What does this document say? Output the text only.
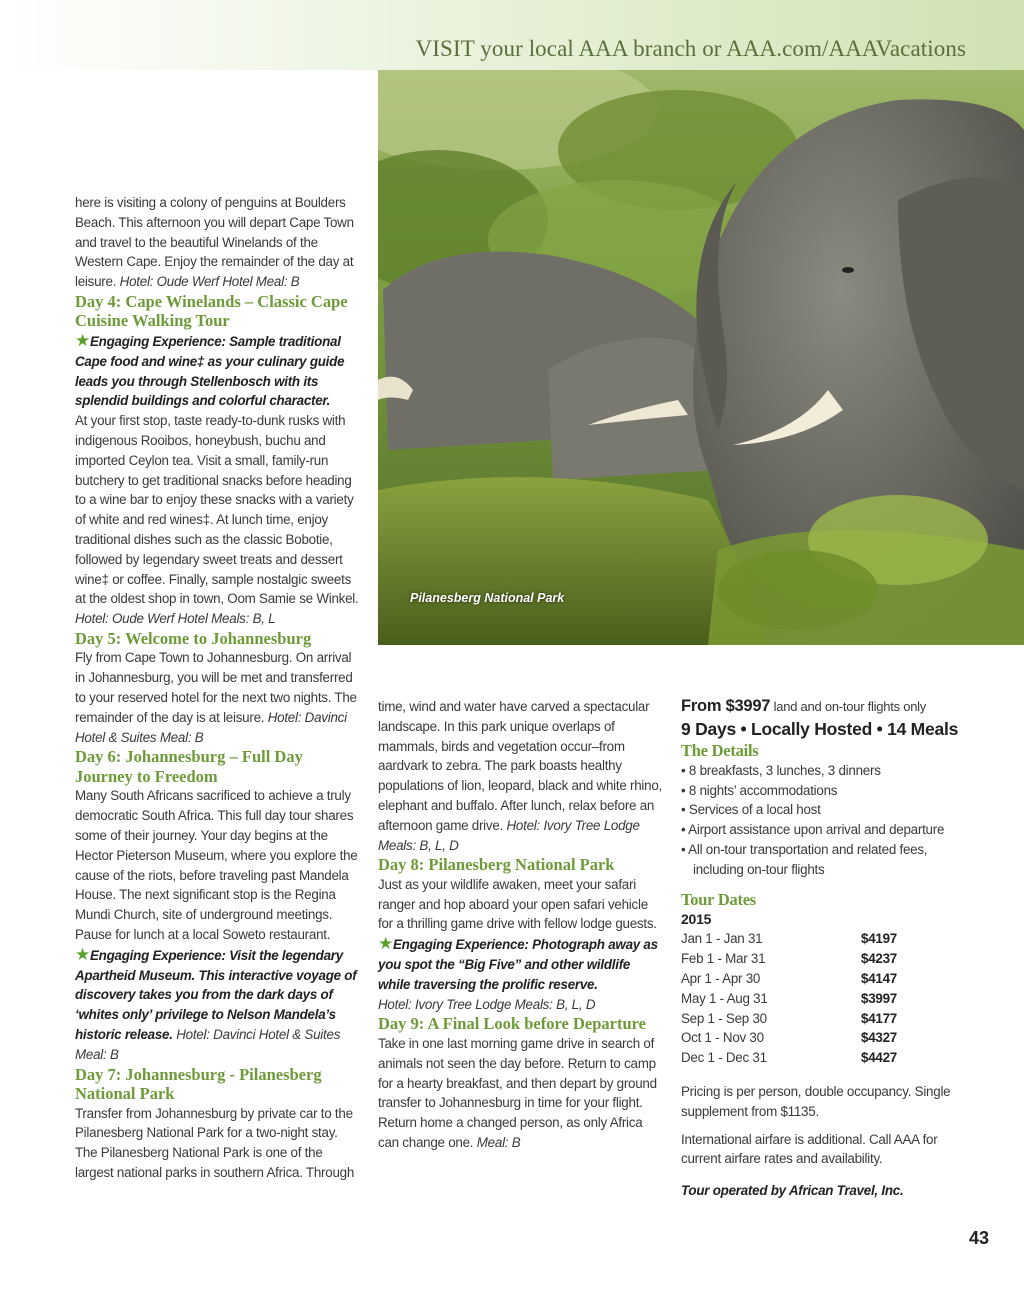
VISIT your local AAA branch or AAA.com/AAAVacations
Pilanesberg National Park

here is visiting a colony of penguins at Boulders Beach. This afternoon you will depart Cape Town and travel to the beautiful Winelands of the Western Cape. Enjoy the remainder of the day at leisure. Hotel: Oude Werf Hotel Meal: B

Day 4: Cape Winelands – Classic Cape Cuisine Walking Tour

★Engaging Experience: Sample traditional Cape food and wine‡ as your culinary guide leads you through Stellenbosch with its splendid buildings and colorful character.

At your first stop, taste ready-to-dunk rusks with indigenous Rooibos, honeybush, buchu and imported Ceylon tea. Visit a small, family-run butchery to get traditional snacks before heading to a wine bar to enjoy these snacks with a variety of white and red wines‡. At lunch time, enjoy traditional dishes such as the classic Bobotie, followed by legendary sweet treats and dessert wine‡ or coffee. Finally, sample nostalgic sweets at the oldest shop in town, Oom Samie se Winkel.
Hotel: Oude Werf Hotel Meals: B, L

Day 5: Welcome to Johannesburg

Fly from Cape Town to Johannesburg. On arrival in Johannesburg, you will be met and transferred to your reserved hotel for the next two nights. The remainder of the day is at leisure. Hotel: Davinci Hotel & Suites Meal: B

Day 6: Johannesburg – Full Day Journey to Freedom

Many South Africans sacrificed to achieve a truly democratic South Africa. This full day tour shares some of their journey. Your day begins at the Hector Pieterson Museum, where you explore the cause of the riots, before traveling past Mandela House. The next significant stop is the Regina Mundi Church, site of underground meetings. Pause for lunch at a local Soweto restaurant.

★Engaging Experience: Visit the legendary Apartheid Museum. This interactive voyage of discovery takes you from the dark days of ‘whites only’ privilege to Nelson Mandela’s historic release. Hotel: Davinci Hotel & Suites Meal: B

Day 7: Johannesburg - Pilanesberg National Park

Transfer from Johannesburg by private car to the Pilanesberg National Park for a two-night stay. The Pilanesberg National Park is one of the largest national parks in southern Africa. Through

time, wind and water have carved a spectacular landscape. In this park unique overlaps of mammals, birds and vegetation occur–from aardvark to zebra. The park boasts healthy populations of lion, leopard, black and white rhino, elephant and buffalo. After lunch, relax before an afternoon game drive. Hotel: Ivory Tree Lodge Meals: B, L, D

Day 8: Pilanesberg National Park

Just as your wildlife awaken, meet your safari ranger and hop aboard your open safari vehicle for a thrilling game drive with fellow lodge guests.

★Engaging Experience: Photograph away as you spot the “Big Five” and other wildlife while traversing the prolific reserve.
Hotel: Ivory Tree Lodge Meals: B, L, D

Day 9: A Final Look before Departure

Take in one last morning game drive in search of animals not seen the day before. Return to camp for a hearty breakfast, and then depart by ground transfer to Johannesburg in time for your flight. Return home a changed person, as only Africa can change one. Meal: B

From $3997 land and on-tour flights only

9 Days • Locally Hosted • 14 Meals

The Details

• 8 breakfasts, 3 lunches, 3 dinners

• 8 nights’ accommodations

• Services of a local host

• Airport assistance upon arrival and departure

• All on-tour transportation and related fees, including on-tour flights

Tour Dates

2015

Jan 1 - Jan 31	$4197
Feb 1 - Mar 31	$4237
Apr 1 - Apr 30	$4147
May 1 - Aug 31	$3997
Sep 1 - Sep 30	$4177
Oct 1 - Nov 30	$4327
Dec 1 - Dec 31	$4427

Pricing is per person, double occupancy. Single supplement from $1135.

International airfare is additional. Call AAA for current airfare rates and availability.

Tour operated by African Travel, Inc.

43
